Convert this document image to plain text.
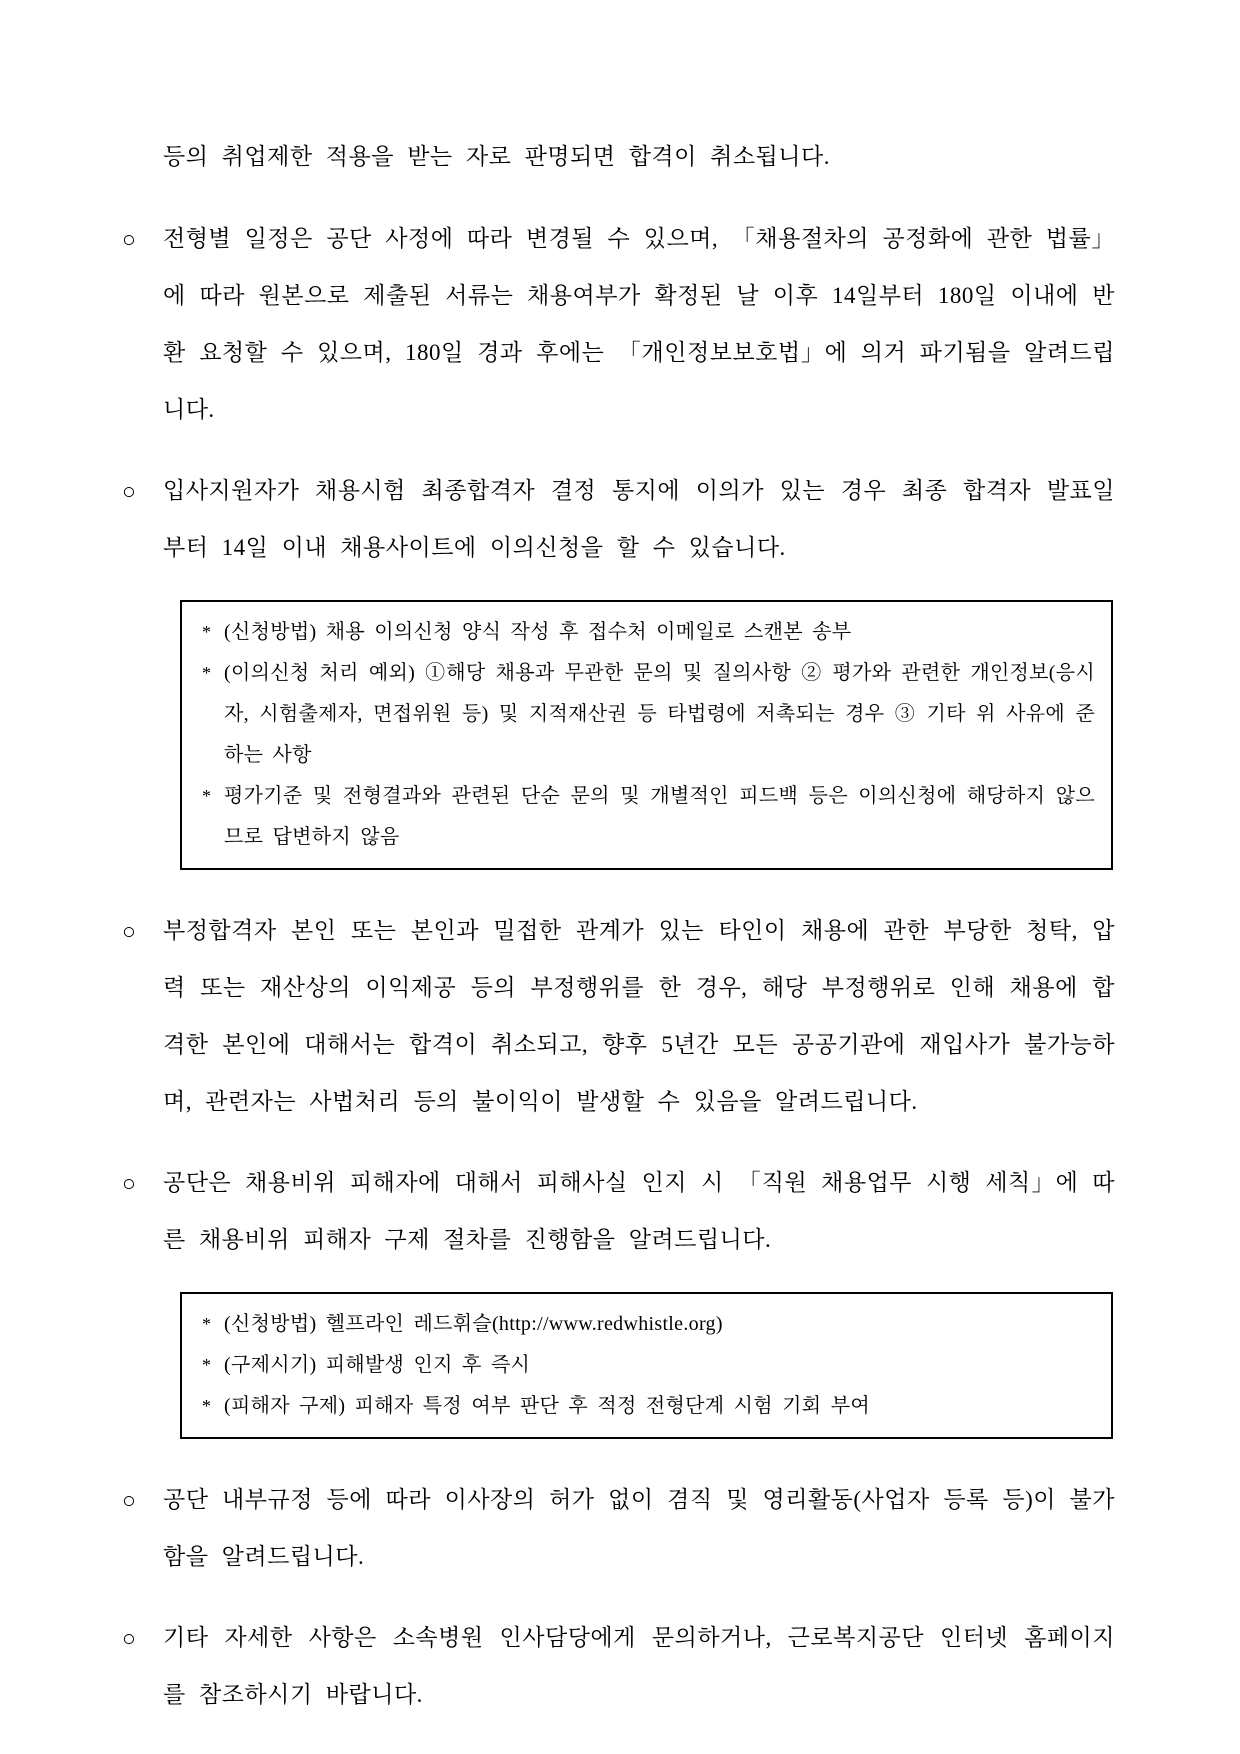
등의 취업제한 적용을 받는 자로 판명되면 합격이 취소됩니다.

○ 전형별 일정은 공단 사정에 따라 변경될 수 있으며, 「채용절차의 공정화에 관한 법률」에 따라 원본으로 제출된 서류는 채용여부가 확정된 날 이후 14일부터 180일 이내에 반환 요청할 수 있으며, 180일 경과 후에는 「개인정보보호법」에 의거 파기됨을 알려드립니다.
○ 입사지원자가 채용시험 최종합격자 결정 통지에 이의가 있는 경우 최종 합격자 발표일 부터 14일 이내 채용사이트에 이의신청을 할 수 있습니다.
* (신청방법) 채용 이의신청 양식 작성 후 접수처 이메일로 스캔본 송부
* (이의신청 처리 예외) ①해당 채용과 무관한 문의 및 질의사항 ② 평가와 관련한 개인정보(응시자, 시험출제자, 면접위원 등) 및 지적재산권 등 타법령에 저촉되는 경우 ③ 기타 위 사유에 준하는 사항
* 평가기준 및 전형결과와 관련된 단순 문의 및 개별적인 피드백 등은 이의신청에 해당하지 않으므로 답변하지 않음
○ 부정합격자 본인 또는 본인과 밀접한 관계가 있는 타인이 채용에 관한 부당한 청탁, 압력 또는 재산상의 이익제공 등의 부정행위를 한 경우, 해당 부정행위로 인해 채용에 합격한 본인에 대해서는 합격이 취소되고, 향후 5년간 모든 공공기관에 재입사가 불가능하며, 관련자는 사법처리 등의 불이익이 발생할 수 있음을 알려드립니다.
○ 공단은 채용비위 피해자에 대해서 피해사실 인지 시 「직원 채용업무 시행 세칙」에 따른 채용비위 피해자 구제 절차를 진행함을 알려드립니다.
* (신청방법) 헬프라인 레드휘슬(http://www.redwhistle.org)
* (구제시기) 피해발생 인지 후 즉시
* (피해자 구제) 피해자 특정 여부 판단 후 적정 전형단계 시험 기회 부여
○ 공단 내부규정 등에 따라 이사장의 허가 없이 겸직 및 영리활동(사업자 등록 등)이 불가함을 알려드립니다.
○ 기타 자세한 사항은 소속병원 인사담당에게 문의하거나, 근로복지공단 인터넷 홈페이지를 참조하시기 바랍니다.
